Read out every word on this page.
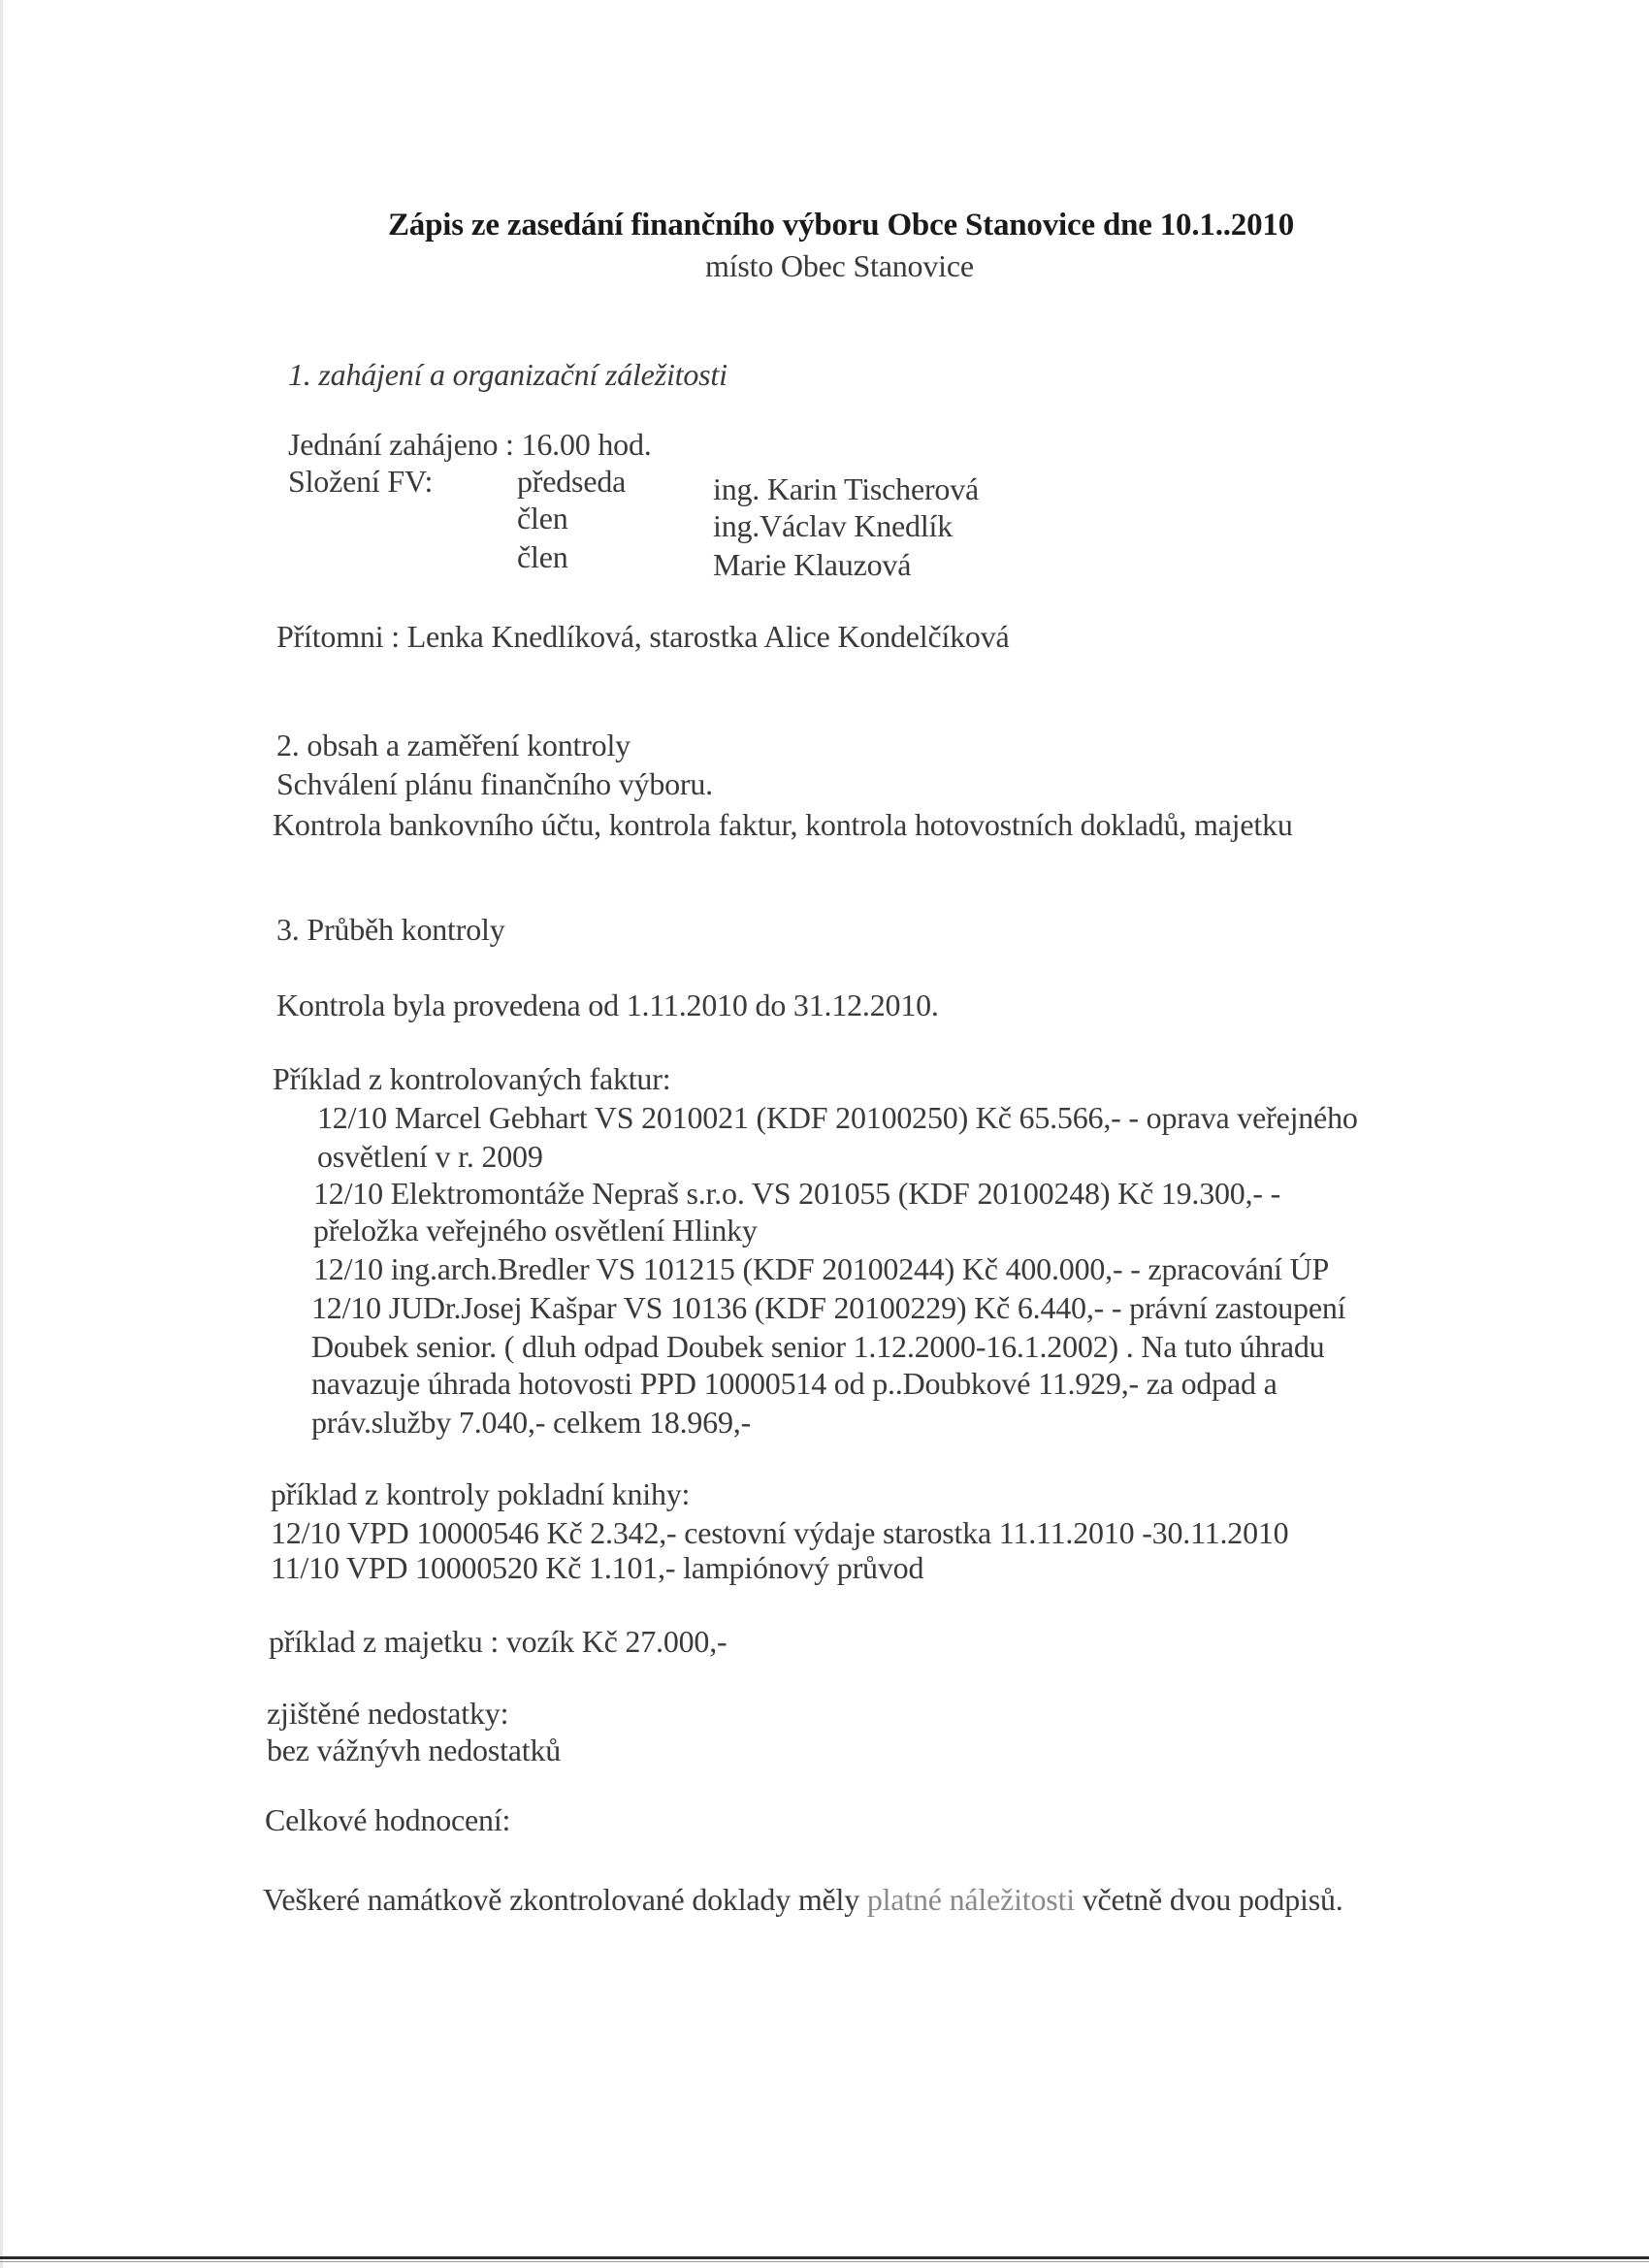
Zápis ze zasedání finančního výboru Obce Stanovice dne 10.1..2010
místo Obec Stanovice
1. zahájení a organizační záležitosti
Jednání zahájeno : 16.00 hod.
Složení FV:	předseda	ing. Karin Tischerová
člen	ing.Václav Knedlík
člen	Marie Klauzová
Přítomni : Lenka Knedlíková, starostka Alice Kondelčíková
2. obsah a zaměření kontroly
Schválení plánu finančního výboru.
Kontrola bankovního účtu, kontrola faktur, kontrola hotovostních dokladů, majetku
3. Průběh kontroly
Kontrola byla provedena od 1.11.2010 do 31.12.2010.
Příklad z kontrolovaných faktur:
12/10 Marcel Gebhart VS 2010021 (KDF 20100250) Kč 65.566,- - oprava veřejného
osvětlení v r. 2009
12/10 Elektromontáže Nepraš s.r.o. VS 201055 (KDF 20100248) Kč 19.300,- -
přeložka veřejného osvětlení Hlinky
12/10 ing.arch.Bredler VS 101215 (KDF 20100244) Kč 400.000,- - zpracování ÚP
12/10 JUDr.Josej Kašpar VS 10136 (KDF 20100229) Kč 6.440,- - právní zastoupení
Doubek senior. ( dluh odpad Doubek senior 1.12.2000-16.1.2002) . Na tuto úhradu
navazuje úhrada hotovosti PPD 10000514 od p..Doubkové 11.929,- za odpad a
práv.služby 7.040,- celkem 18.969,-
příklad z kontroly pokladní knihy:
12/10 VPD 10000546 Kč 2.342,- cestovní výdaje starostka 11.11.2010 -30.11.2010
11/10 VPD 10000520 Kč 1.101,- lampiónový průvod
příklad z majetku : vozík Kč 27.000,-
zjištěné nedostatky:
bez vážnývh nedostatků
Celkové hodnocení:
Veškeré namátkově zkontrolované doklady měly platné náležitosti včetně dvou podpisů.
